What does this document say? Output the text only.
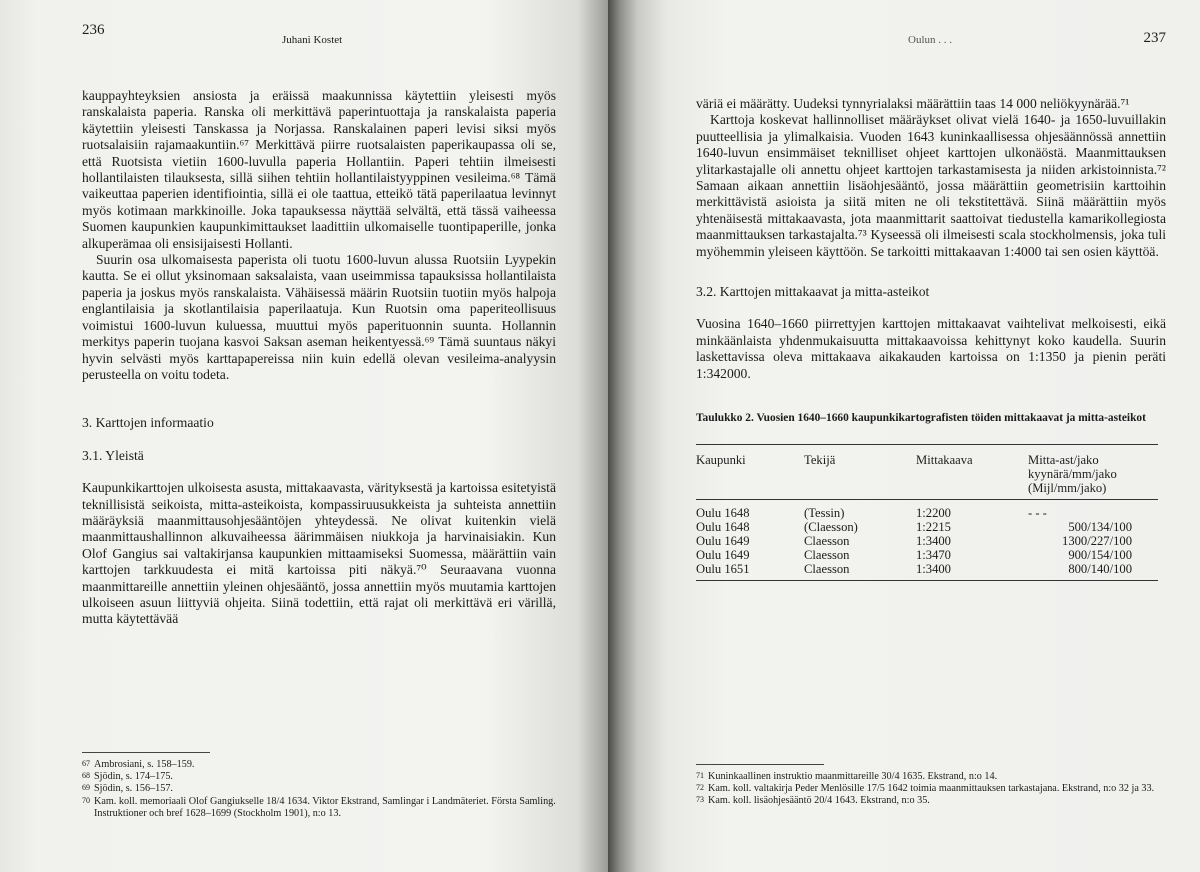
236
Juhani Kostet

kauppayhteyksien ansiosta ja eräissä maakunnissa käytettiin yleisesti myös ranskalaista paperia. Ranska oli merkittävä paperintuottaja ja ranskalaista paperia käytettiin yleisesti Tanskassa ja Norjassa. Ranskalainen paperi levisi siksi myös ruotsalaisiin rajamaakuntiin.⁶⁷ Merkittävä piirre ruotsalaisten paperikaupassa oli se, että Ruotsista vietiin 1600-luvulla paperia Hollantiin. Paperi tehtiin ilmeisesti hollantilaisten tilauksesta, sillä siihen tehtiin hollantilaistyyppinen vesileima.⁶⁸ Tämä vaikeuttaa paperien identifiointia, sillä ei ole taattua, etteikö tätä paperilaatua levinnyt myös kotimaan markkinoille. Joka tapauksessa näyttää selvältä, että tässä vaiheessa Suomen kaupunkien kaupunkimittaukset laadittiin ulkomaiselle tuontipaperille, jonka alkuperämaa oli ensisijaisesti Hollanti.

Suurin osa ulkomaisesta paperista oli tuotu 1600-luvun alussa Ruotsiin Lyypekin kautta. Se ei ollut yksinomaan saksalaista, vaan useimmissa tapauksissa hollantilaista paperia ja joskus myös ranskalaista. Vähäisessä määrin Ruotsiin tuotiin myös halpoja englantilaisia ja skotlantilaisia paperilaatuja. Kun Ruotsin oma paperiteollisuus voimistui 1600-luvun kuluessa, muuttui myös paperituonnin suunta. Hollannin merkitys paperin tuojana kasvoi Saksan aseman heikentyessä.⁶⁹ Tämä suuntaus näkyi hyvin selvästi myös karttapapereissa niin kuin edellä olevan vesileima-analyysin perusteella on voitu todeta.

3. Karttojen informaatio
3.1. Yleistä

Kaupunkikarttojen ulkoisesta asusta, mittakaavasta, värityksestä ja kartoissa esitetyistä teknillisistä seikoista, mitta-asteikoista, kompassiruusukkeista ja suhteista annettiin määräyksiä maanmittausohjesääntöjen yhteydessä. Ne olivat kuitenkin vielä maanmittaushallinnon alkuvaiheessa äärimmäisen niukkoja ja harvinaisiakin. Kun Olof Gangius sai valtakirjansa kaupunkien mittaamiseksi Suomessa, määrättiin vain karttojen tarkkuudesta ei mitä kartoissa piti näkyä.⁷⁰ Seuraavana vuonna maanmittareille annettiin yleinen ohjesääntö, jossa annettiin myös muutamia karttojen ulkoiseen asuun liittyviä ohjeita. Siinä todettiin, että rajat oli merkittävä eri värillä, mutta käytettävää

67 Ambrosiani, s. 158–159.
68 Sjödin, s. 174–175.
69 Sjödin, s. 156–157.
70 Kam. koll. memoriaali Olof Gangiukselle 18/4 1634. Viktor Ekstrand, Samlingar i Landmäteriet. Första Samling. Instruktioner och bref 1628–1699 (Stockholm 1901), n:o 13.
Oulun . . .	237

väriä ei määrätty. Uudeksi tynnyrialaksi määrättiin taas 14 000 neliökyynärää.⁷¹

Karttoja koskevat hallinnolliset määräykset olivat vielä 1640- ja 1650-luvuillakin puutteellisia ja ylimalkaisia. Vuoden 1643 kuninkaallisessa ohjesäännössä annettiin 1640-luvun ensimmäiset teknilliset ohjeet karttojen ulkonäöstä. Maanmittauksen ylitarkastajalle oli annettu ohjeet karttojen tarkastamisesta ja niiden arkistoinnista.⁷² Samaan aikaan annettiin lisäohjesääntö, jossa määrättiin geometrisiin karttoihin merkittävistä asioista ja siitä miten ne oli tekstitettävä. Siinä määrättiin myös yhtenäisestä mittakaavasta, jota maanmittarit saattoivat tiedustella kamarikollegiosta maanmittauksen tarkastajalta.⁷³ Kyseessä oli ilmeisesti scala stockholmensis, joka tuli myöhemmin yleiseen käyttöön. Se tarkoitti mittakaavan 1:4000 tai sen osien käyttöä.

3.2. Karttojen mittakaavat ja mitta-asteikot

Vuosina 1640–1660 piirrettyjen karttojen mittakaavat vaihtelivat melkoisesti, eikä minkäänlaista yhdenmukaisuutta mittakaavoissa kehittynyt koko kaudella. Suurin laskettavissa oleva mittakaava aikakauden kartoissa on 1:1350 ja pienin peräti 1:342000.

Taulukko 2. Vuosien 1640–1660 kaupunkikartografisten töiden mittakaavat ja mitta-asteikot
Kaupunki	Tekijä	Mittakaava	Mitta-ast/jako kyynärä/mm/jako (Mijl/mm/jako)
Oulu 1648	(Tessin)	1:2200	- - -
Oulu 1648	(Claesson)	1:2215	500/134/100
Oulu 1649	Claesson	1:3400	1300/227/100
Oulu 1649	Claesson	1:3470	900/154/100
Oulu 1651	Claesson	1:3400	800/140/100
71 Kuninkaallinen instruktio maanmittareille 30/4 1635. Ekstrand, n:o 14.
72 Kam. koll. valtakirja Peder Menlösille 17/5 1642 toimia maanmittauksen tarkastajana. Ekstrand, n:o 32 ja 33.
73 Kam. koll. lisäohjesääntö 20/4 1643. Ekstrand, n:o 35.
